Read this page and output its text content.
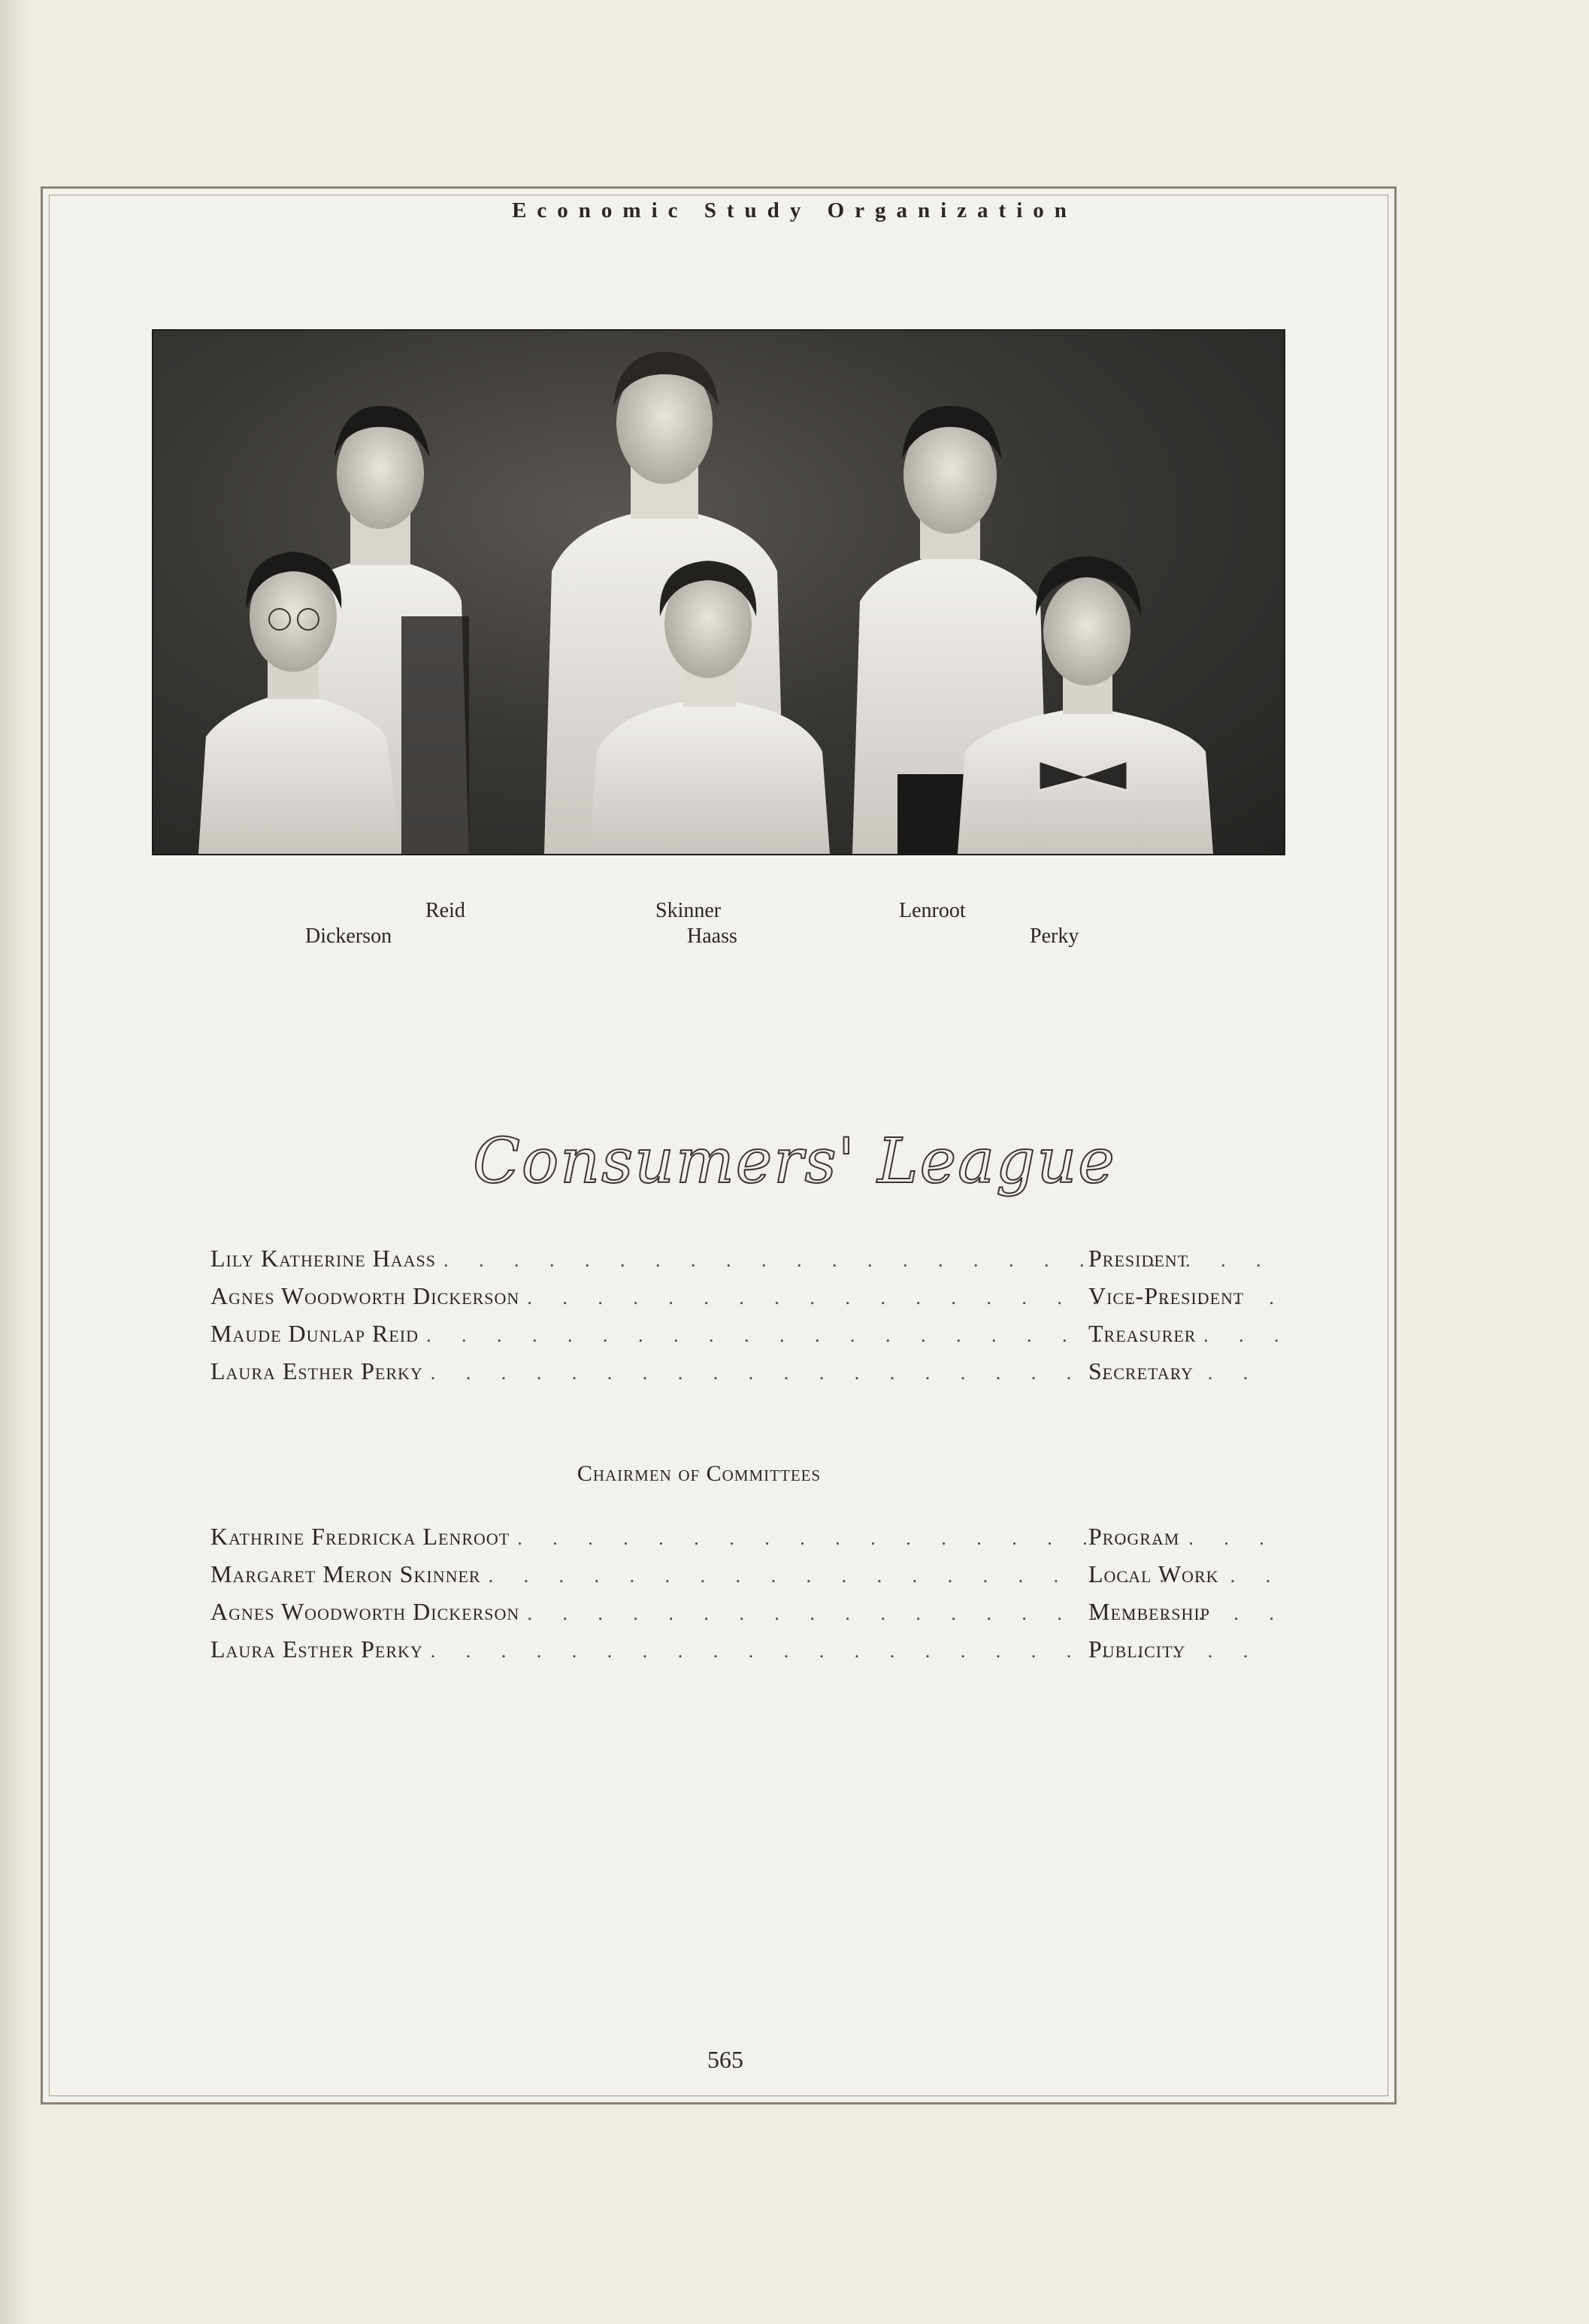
Economic Study Organization
Reid	Skinner	Lenroot
Dickerson	Haass	Perky
Consumers' League
Lily Katherine Haass . . .	President
Agnes Woodworth Dickerson . . .	Vice-President
Maude Dunlap Reid . . .	Treasurer
Laura Esther Perky . . .	Secretary
Chairmen of Committees
Kathrine Fredricka Lenroot . . .	Program
Margaret Meron Skinner . . .	Local Work
Agnes Woodworth Dickerson . . .	Membership
Laura Esther Perky . . .	Publicity
565
